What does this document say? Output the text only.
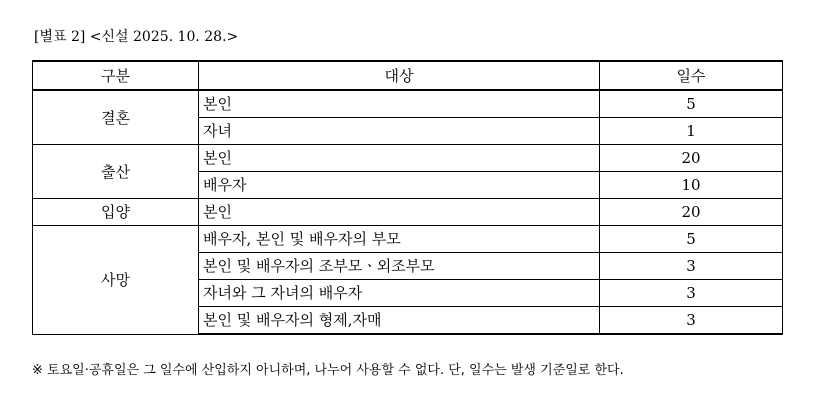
[별표 2] <신설 2025. 10. 28.>
구분	대상	일수
결혼	본인	5
	자녀	1
출산	본인	20
	배우자	10
입양	본인	20
사망	배우자, 본인 및 배우자의 부모	5
	본인 및 배우자의 조부모ㆍ외조부모	3
	자녀와 그 자녀의 배우자	3
	본인 및 배우자의 형제,자매	3
※ 토요일·공휴일은 그 일수에 산입하지 아니하며, 나누어 사용할 수 없다. 단, 일수는 발생 기준일로 한다.
